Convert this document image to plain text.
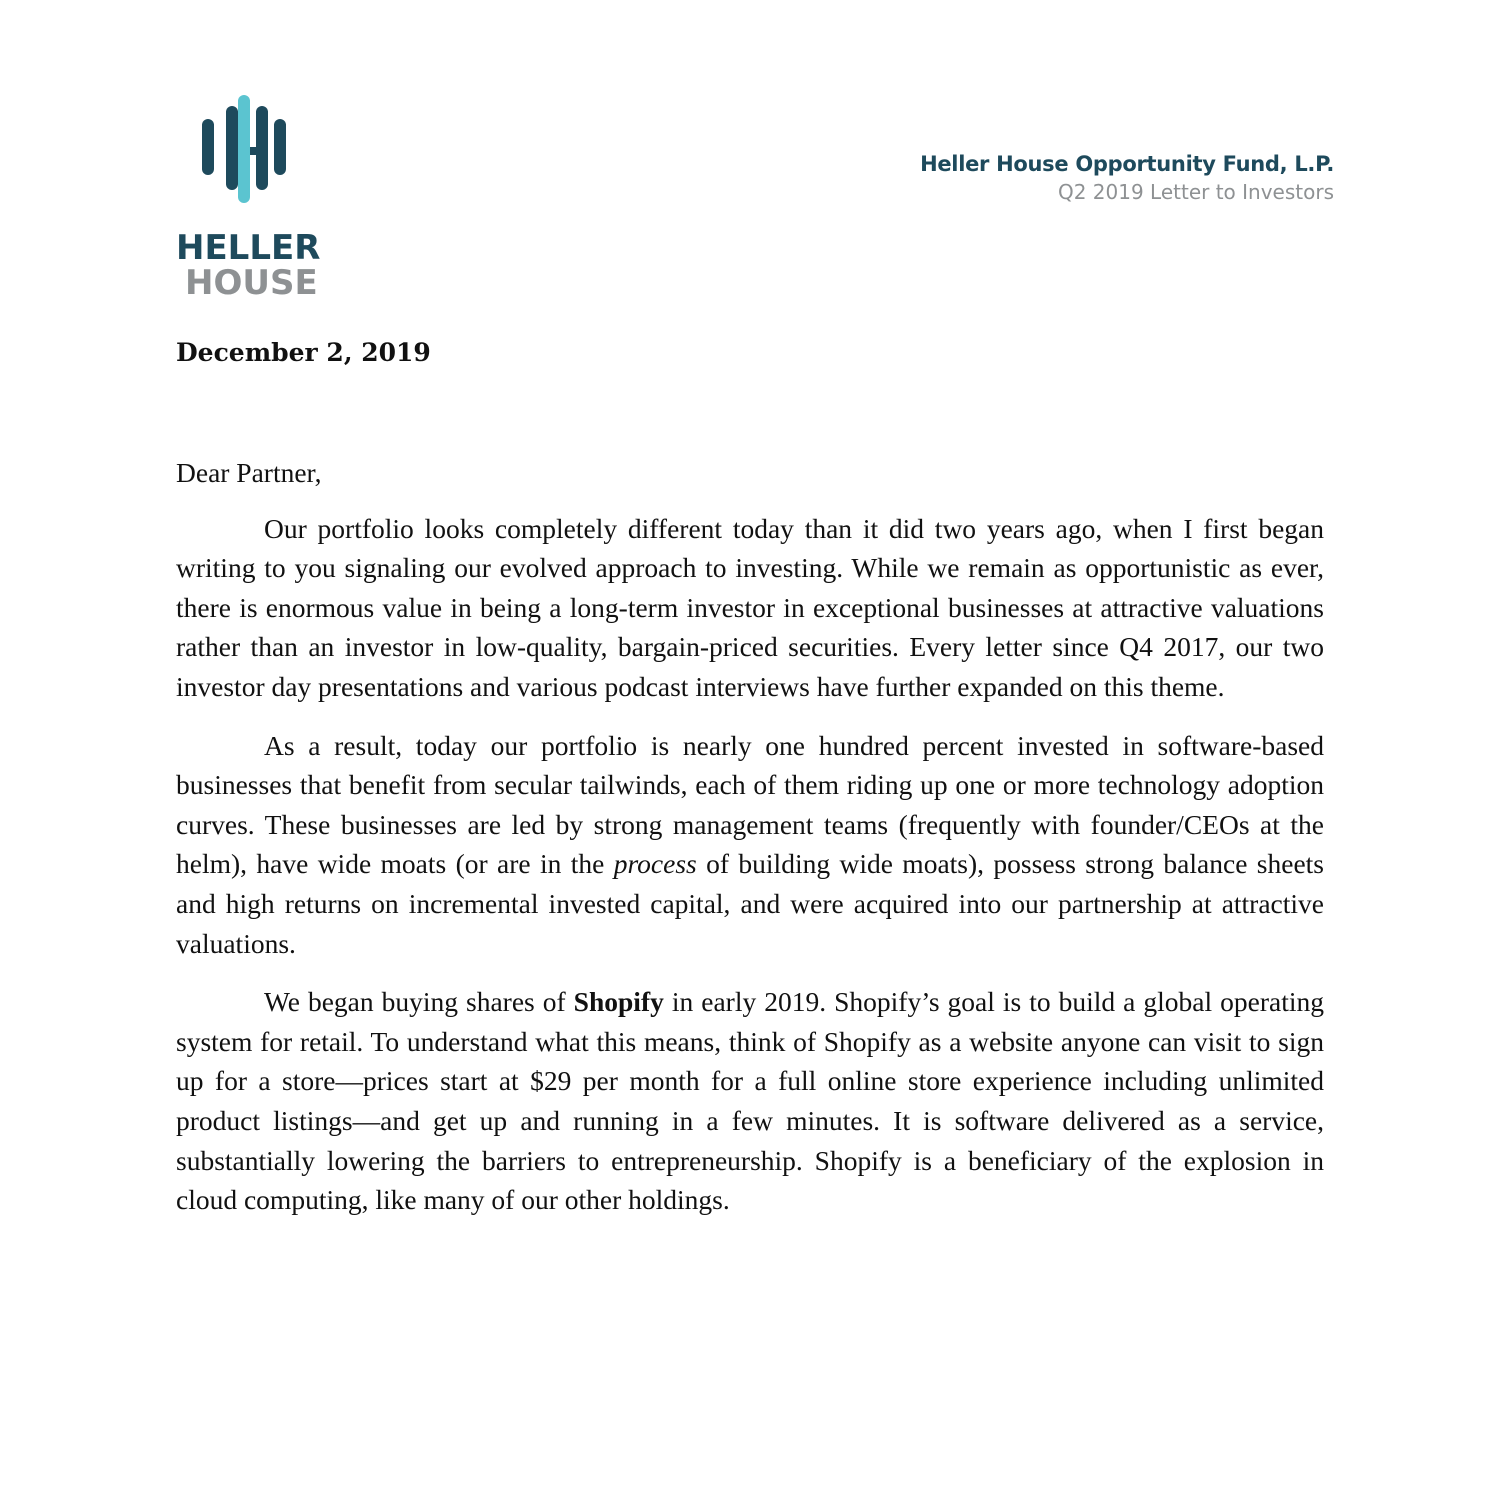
HELLER
HOUSE
Heller House Opportunity Fund, L.P.
Q2 2019 Letter to Investors
December 2, 2019

Dear Partner,

Our portfolio looks completely different today than it did two years ago, when I first began writing to you signaling our evolved approach to investing. While we remain as opportunistic as ever, there is enormous value in being a long-term investor in exceptional businesses at attractive valuations rather than an investor in low-quality, bargain-priced securities. Every letter since Q4 2017, our two investor day presentations and various podcast interviews have further expanded on this theme.

As a result, today our portfolio is nearly one hundred percent invested in software-based businesses that benefit from secular tailwinds, each of them riding up one or more technology adoption curves. These businesses are led by strong management teams (frequently with founder/CEOs at the helm), have wide moats (or are in the process of building wide moats), possess strong balance sheets and high returns on incremental invested capital, and were acquired into our partnership at attractive valuations.

We began buying shares of Shopify in early 2019. Shopify’s goal is to build a global operating system for retail. To understand what this means, think of Shopify as a website anyone can visit to sign up for a store—prices start at $29 per month for a full online store experience including unlimited product listings—and get up and running in a few minutes. It is software delivered as a service, substantially lowering the barriers to entrepreneurship. Shopify is a beneficiary of the explosion in cloud computing, like many of our other holdings.
